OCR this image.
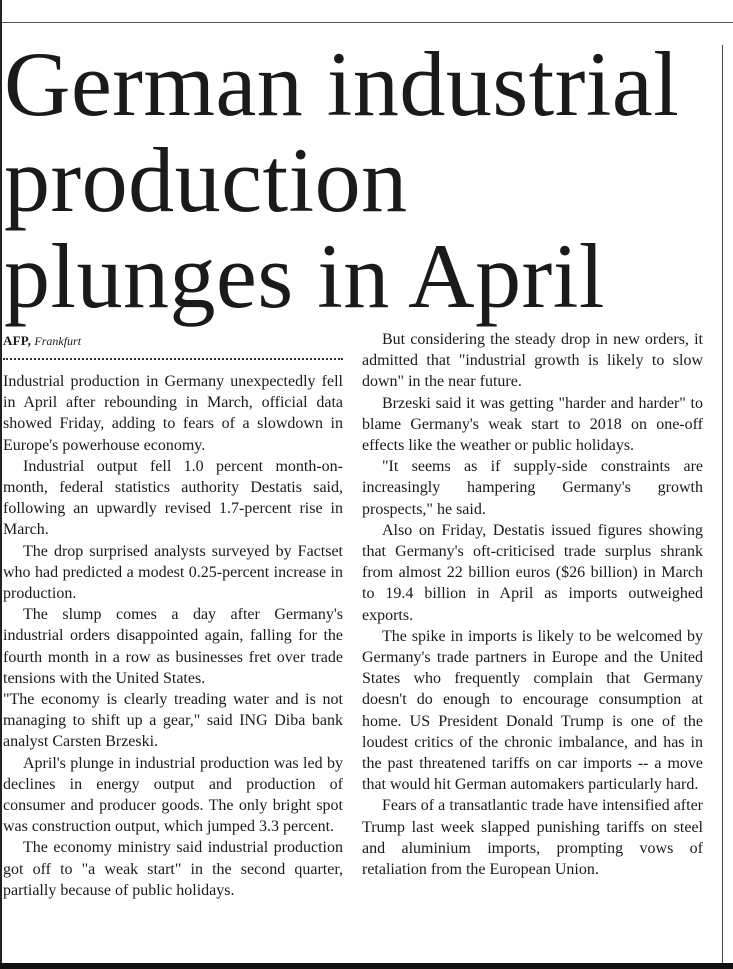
German industrial production plunges in April
AFP, Frankfurt

Industrial production in Germany unexpectedly fell in April after rebounding in March, official data showed Friday, adding to fears of a slowdown in Europe's powerhouse economy.

Industrial output fell 1.0 percent month-on-month, federal statistics authority Destatis said, following an upwardly revised 1.7-percent rise in March.

The drop surprised analysts surveyed by Factset who had predicted a modest 0.25-percent increase in production.

The slump comes a day after Germany's industrial orders disappointed again, falling for the fourth month in a row as businesses fret over trade tensions with the United States.

"The economy is clearly treading water and is not managing to shift up a gear," said ING Diba bank analyst Carsten Brzeski.

April's plunge in industrial production was led by declines in energy output and production of consumer and producer goods. The only bright spot was construction output, which jumped 3.3 percent.

The economy ministry said industrial production got off to "a weak start" in the second quarter, partially because of public holidays.

But considering the steady drop in new orders, it admitted that "industrial growth is likely to slow down" in the near future.

Brzeski said it was getting "harder and harder" to blame Germany's weak start to 2018 on one-off effects like the weather or public holidays.

"It seems as if supply-side constraints are increasingly hampering Germany's growth prospects," he said.

Also on Friday, Destatis issued figures showing that Germany's oft-criticised trade surplus shrank from almost 22 billion euros ($26 billion) in March to 19.4 billion in April as imports outweighed exports.

The spike in imports is likely to be welcomed by Germany's trade partners in Europe and the United States who frequently complain that Germany doesn't do enough to encourage consumption at home. US President Donald Trump is one of the loudest critics of the chronic imbalance, and has in the past threatened tariffs on car imports -- a move that would hit German automakers particularly hard.

Fears of a transatlantic trade have intensified after Trump last week slapped punishing tariffs on steel and aluminium imports, prompting vows of retaliation from the European Union.
